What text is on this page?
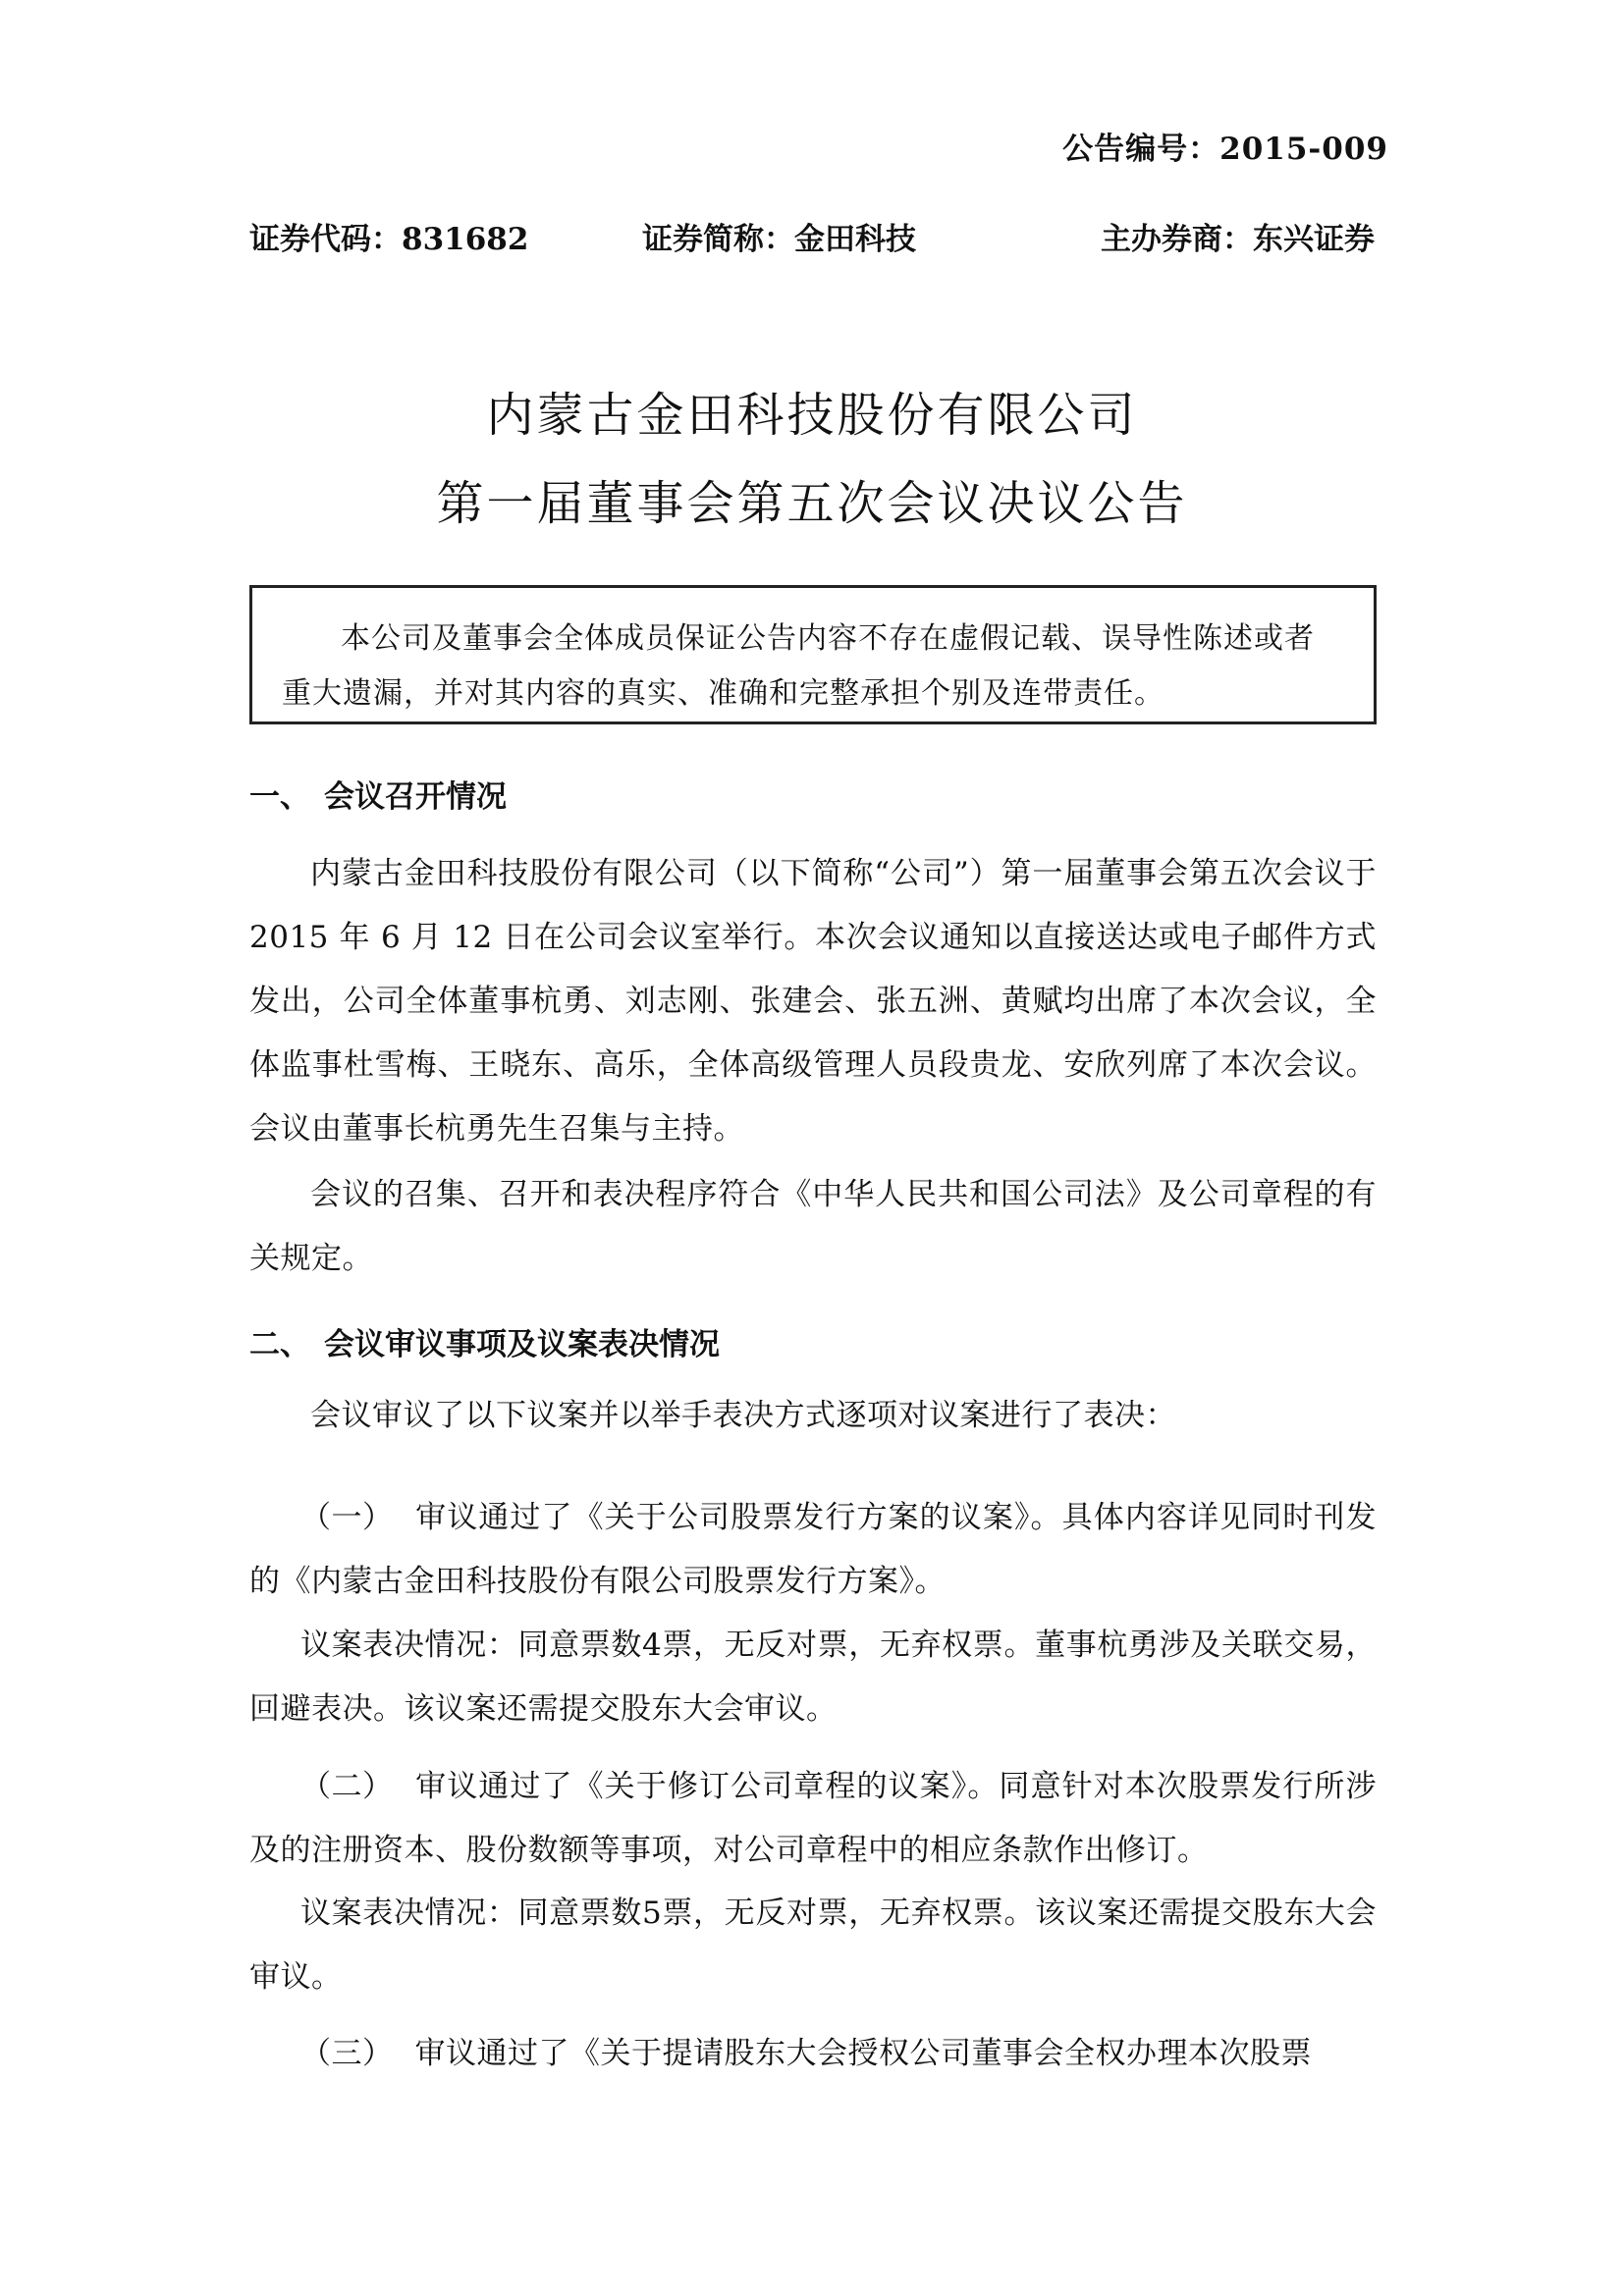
公告编号：2015-009
证券代码：831682	证券简称：金田科技	主办券商：东兴证券
内蒙古金田科技股份有限公司
第一届董事会第五次会议决议公告
本公司及董事会全体成员保证公告内容不存在虚假记载、误导性陈述或者重大遗漏，并对其内容的真实、准确和完整承担个别及连带责任。
一、 会议召开情况
内蒙古金田科技股份有限公司（以下简称“公司”）第一届董事会第五次会议于 2015 年 6 月 12 日在公司会议室举行。本次会议通知以直接送达或电子邮件方式发出，公司全体董事杭勇、刘志刚、张建会、张五洲、黄赋均出席了本次会议，全体监事杜雪梅、王晓东、高乐，全体高级管理人员段贵龙、安欣列席了本次会议。会议由董事长杭勇先生召集与主持。
会议的召集、召开和表决程序符合《中华人民共和国公司法》及公司章程的有关规定。
二、 会议审议事项及议案表决情况
会议审议了以下议案并以举手表决方式逐项对议案进行了表决：
（一） 审议通过了《关于公司股票发行方案的议案》。具体内容详见同时刊发的《内蒙古金田科技股份有限公司股票发行方案》。
议案表决情况：同意票数4票，无反对票，无弃权票。董事杭勇涉及关联交易，回避表决。该议案还需提交股东大会审议。
（二） 审议通过了《关于修订公司章程的议案》。同意针对本次股票发行所涉及的注册资本、股份数额等事项，对公司章程中的相应条款作出修订。
议案表决情况：同意票数5票，无反对票，无弃权票。该议案还需提交股东大会审议。
（三） 审议通过了《关于提请股东大会授权公司董事会全权办理本次股票
